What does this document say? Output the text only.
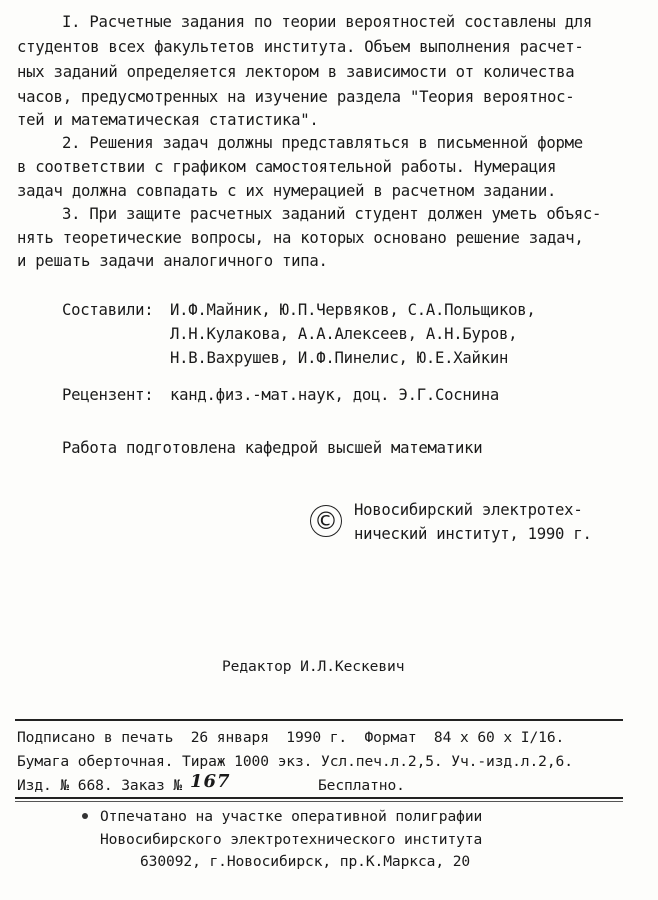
I. Расчетные задания по теории вероятностей составлены для
студентов всех факультетов института. Объем выполнения расчет-
ных заданий определяется лектором в зависимости от количества
часов, предусмотренных на изучение раздела "Теория вероятнос-
тей и математическая статистика".
2. Решения задач должны представляться в письменной форме
в соответствии с графиком самостоятельной работы. Нумерация
задач должна совпадать с их нумерацией в расчетном задании.
3. При защите расчетных заданий студент должен уметь объяс-
нять теоретические вопросы, на которых основано решение задач,
и решать задачи аналогичного типа.
Составили: И.Ф.Майник, Ю.П.Червяков, С.А.Польщиков,
Л.Н.Кулакова, А.А.Алексеев, А.Н.Буров,
Н.В.Вахрушев, И.Ф.Пинелис, Ю.Е.Хайкин
Рецензент: канд.физ.-мат.наук, доц. Э.Г.Соснина
Работа подготовлена кафедрой высшей математики
© Новосибирский электротех-
нический институт, 1990 г.
Редактор И.Л.Кескевич
Подписано в печать  26 января  1990 г.  Формат  84 х 60 х I/16.
Бумага оберточная. Тираж 1000 экз. Усл.печ.л.2,5. Уч.-изд.л.2,6.
Изд. № 668. Заказ № 167	Бесплатно.
Отпечатано на участке оперативной полиграфии
Новосибирского электротехнического института
630092, г.Новосибирск, пр.К.Маркса, 20
